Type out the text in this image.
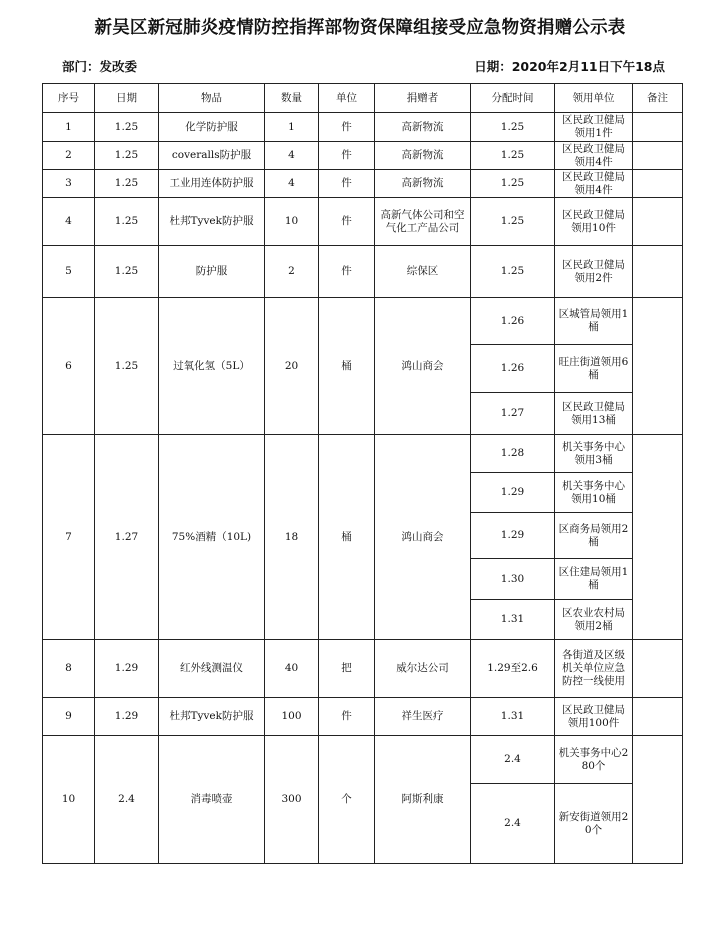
新吴区新冠肺炎疫情防控指挥部物资保障组接受应急物资捐赠公示表
部门：发改委	日期：2020年2月11日下午18点
序号	日期	物品	数量	单位	捐赠者	分配时间	领用单位	备注
1	1.25	化学防护服	1	件	高新物流	1.25	区民政卫健局领用1件	
2	1.25	coveralls防护服	4	件	高新物流	1.25	区民政卫健局领用4件	
3	1.25	工业用连体防护服	4	件	高新物流	1.25	区民政卫健局领用4件	
4	1.25	杜邦Tyvek防护服	10	件	高新气体公司和空气化工产品公司	1.25	区民政卫健局领用10件	
5	1.25	防护服	2	件	综保区	1.25	区民政卫健局领用2件	
6	1.25	过氧化氢（5L）	20	桶	鸿山商会	1.26	区城管局领用1桶	
						1.26	旺庄街道领用6桶	
						1.27	区民政卫健局领用13桶	
7	1.27	75%酒精（10L)	18	桶	鸿山商会	1.28	机关事务中心领用3桶	
						1.29	机关事务中心领用10桶	
						1.29	区商务局领用2桶	
						1.30	区住建局领用1桶	
						1.31	区农业农村局领用2桶	
8	1.29	红外线测温仪	40	把	威尔达公司	1.29至2.6	各街道及区级机关单位应急防控一线使用	
9	1.29	杜邦Tyvek防护服	100	件	祥生医疗	1.31	区民政卫健局领用100件	
10	2.4	消毒喷壶	300	个	阿斯利康	2.4	机关事务中心280个	
						2.4	新安街道领用20个	
